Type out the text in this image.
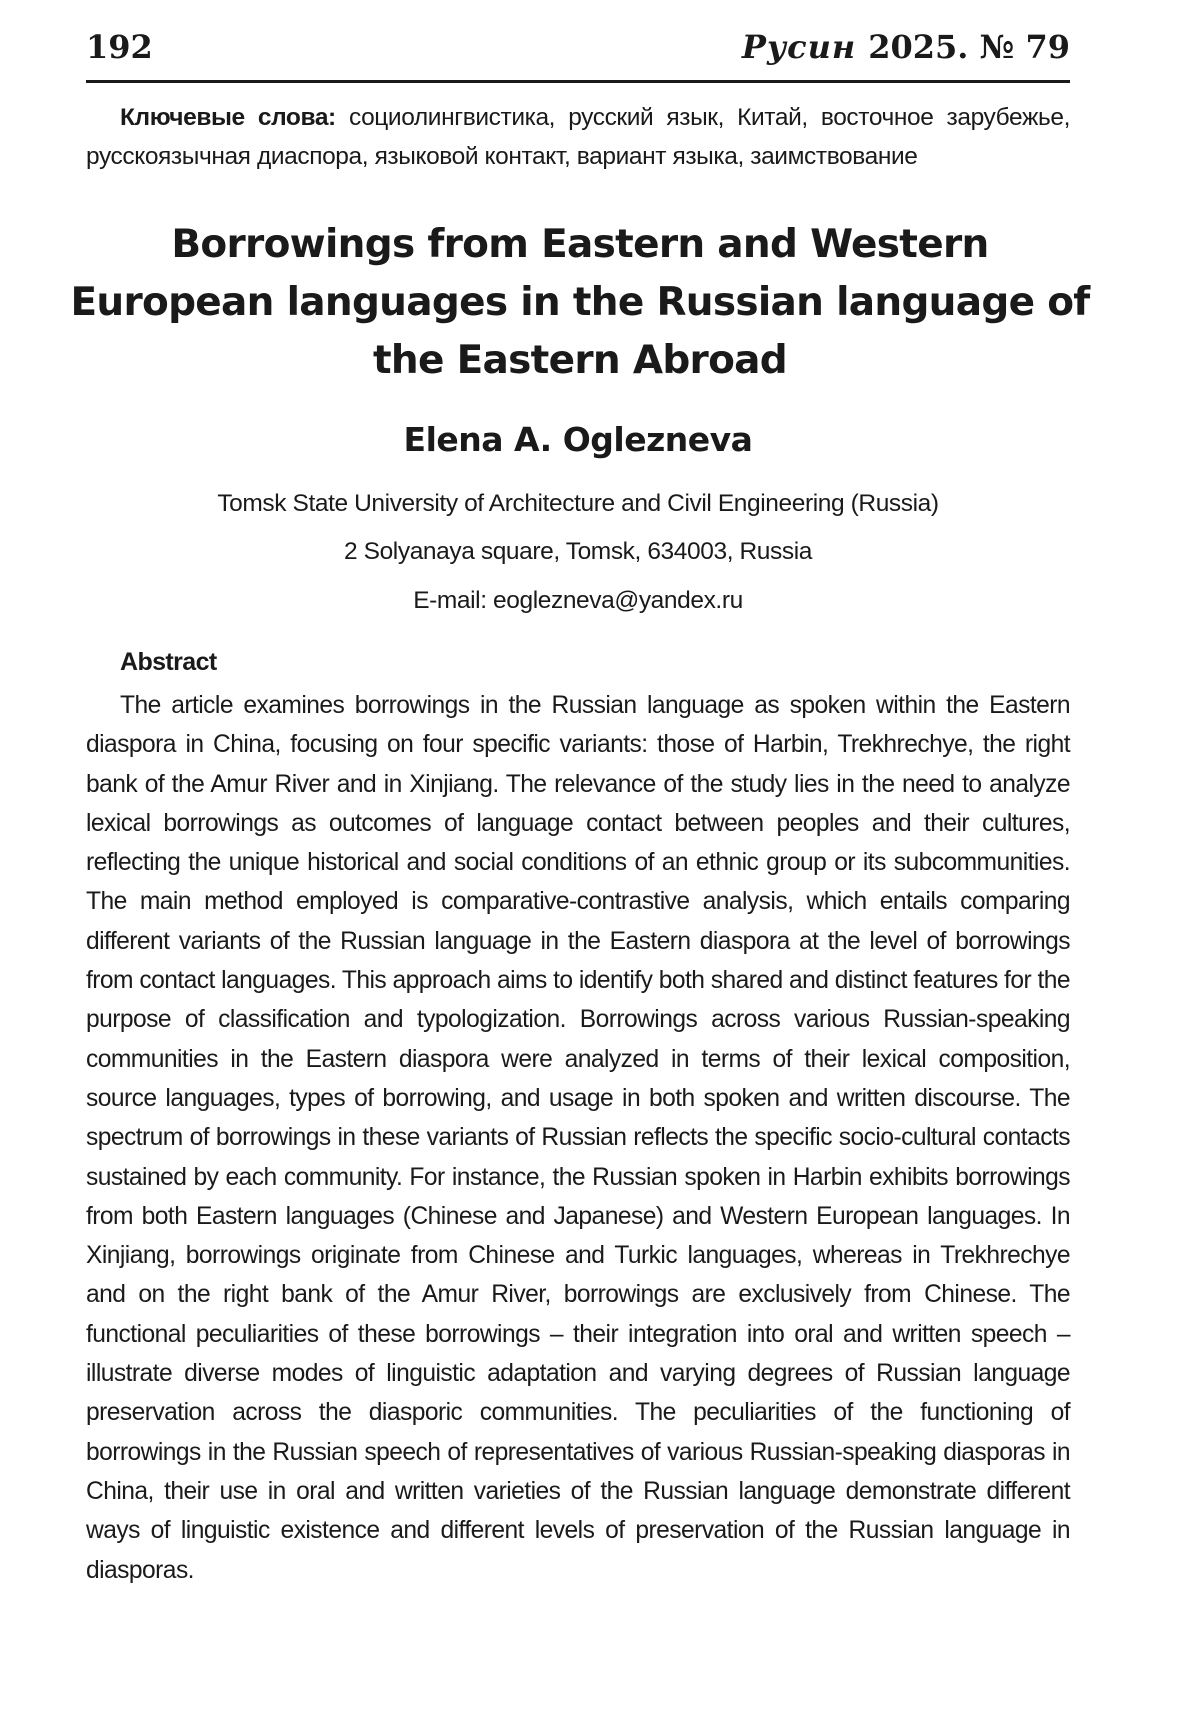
192	Русин 2025. № 79

Ключевые слова: социолингвистика, русский язык, Китай, восточное зарубежье, русскоязычная диаспора, языковой контакт, вариант языка, заимствование

Borrowings from Eastern and Western European languages in the Russian language of the Eastern Abroad
Elena A. Oglezneva
Tomsk State University of Architecture and Civil Engineering (Russia)
2 Solyanaya square, Tomsk, 634003, Russia
E-mail: eoglezneva@yandex.ru
Abstract

The article examines borrowings in the Russian language as spoken within the Eastern diaspora in China, focusing on four specific variants: those of Harbin, Trekhrechye, the right bank of the Amur River and in Xinjiang. The relevance of the study lies in the need to analyze lexical borrowings as outcomes of language contact between peoples and their cultures, reflecting the unique historical and social conditions of an ethnic group or its subcommunities. The main method employed is comparative-contrastive analysis, which entails comparing different variants of the Russian language in the Eastern diaspora at the level of borrowings from contact languages. This approach aims to identify both shared and distinct features for the purpose of classification and typologization. Borrowings across various Russian-speaking communities in the Eastern diaspora were analyzed in terms of their lexical composition, source languages, types of borrowing, and usage in both spoken and written discourse. The spectrum of borrowings in these variants of Russian reflects the specific socio-cultural contacts sustained by each community. For instance, the Russian spoken in Harbin exhibits borrowings from both Eastern languages (Chinese and Japanese) and Western European languages. In Xinjiang, borrowings originate from Chinese and Turkic languages, whereas in Trekhrechye and on the right bank of the Amur River, borrowings are exclusively from Chinese. The functional peculiarities of these borrowings – their integration into oral and written speech – illustrate diverse modes of linguistic adaptation and varying degrees of Russian language preservation across the diasporic communities. The peculiarities of the functioning of borrowings in the Russian speech of representatives of various Russian-speaking diasporas in China, their use in oral and written varieties of the Russian language demonstrate different ways of linguistic existence and different levels of preservation of the Russian language in diasporas.
